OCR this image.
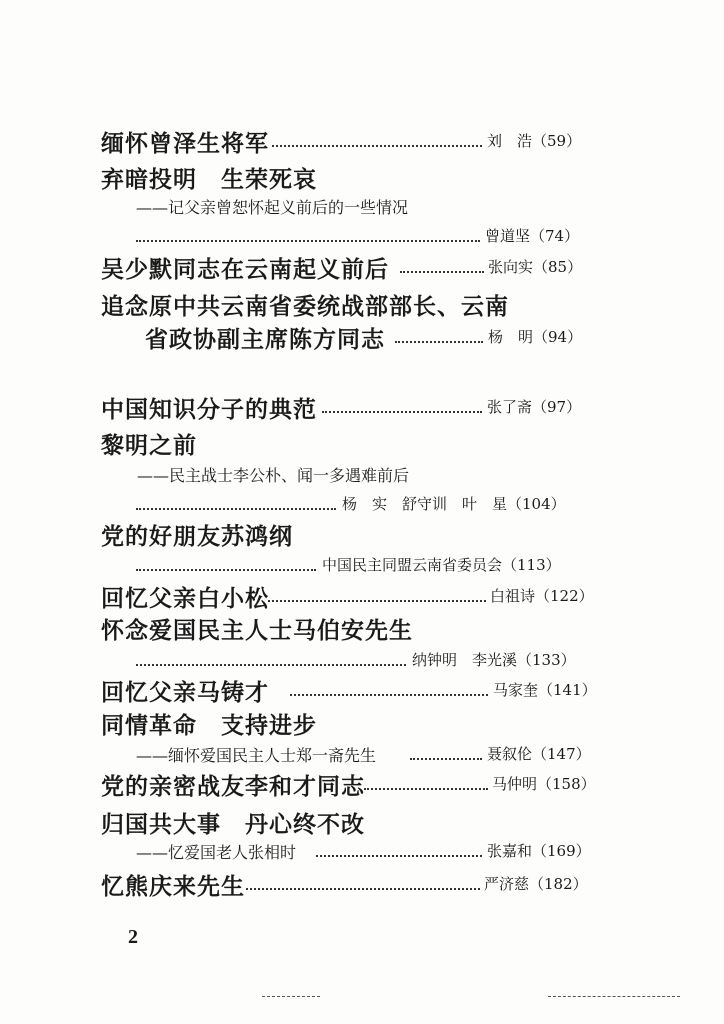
缅怀曾泽生将军	刘　浩（59）
弃暗投明　生荣死哀
——记父亲曾恕怀起义前后的一些情况
曾道坚（74）
吴少默同志在云南起义前后	张向实（85）
追念原中共云南省委统战部部长、云南
省政协副主席陈方同志	杨　明（94）
中国知识分子的典范	张了斋（97）
黎明之前
——民主战士李公朴、闻一多遇难前后
杨　实　舒守训　叶　星（104）
党的好朋友苏鸿纲
中国民主同盟云南省委员会（113）
回忆父亲白小松	白祖诗（122）
怀念爱国民主人士马伯安先生
纳钟明　李光溪（133）
回忆父亲马铸才	马家奎（141）
同情革命　支持进步
——缅怀爱国民主人士郑一斋先生	聂叙伦（147）
党的亲密战友李和才同志	马仲明（158）
归国共大事　丹心终不改
——忆爱国老人张相时	张嘉和（169）
忆熊庆来先生	严济慈（182）
2
